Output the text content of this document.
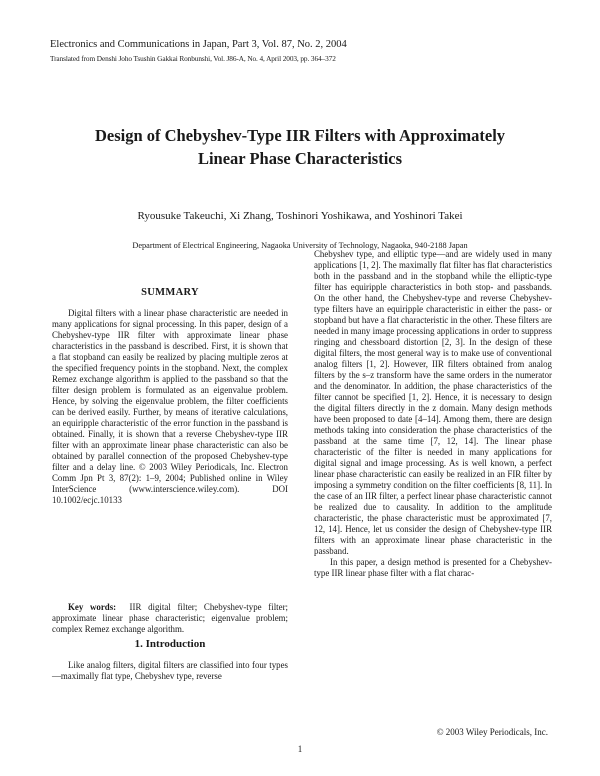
Electronics and Communications in Japan, Part 3, Vol. 87, No. 2, 2004
Translated from Denshi Joho Tsushin Gakkai Ronbunshi, Vol. J86-A, No. 4, April 2003, pp. 364–372
Design of Chebyshev-Type IIR Filters with Approximately
Linear Phase Characteristics
Ryousuke Takeuchi, Xi Zhang, Toshinori Yoshikawa, and Yoshinori Takei
Department of Electrical Engineering, Nagaoka University of Technology, Nagaoka, 940-2188 Japan
SUMMARY

Digital filters with a linear phase characteristic are needed in many applications for signal processing. In this paper, design of a Chebyshev-type IIR filter with approximate linear phase characteristics in the passband is described. First, it is shown that a flat stopband can easily be realized by placing multiple zeros at the specified frequency points in the stopband. Next, the complex Remez exchange algorithm is applied to the passband so that the filter design problem is formulated as an eigenvalue problem. Hence, by solving the eigenvalue problem, the filter coefficients can be derived easily. Further, by means of iterative calculations, an equiripple characteristic of the error function in the passband is obtained. Finally, it is shown that a reverse Chebyshev-type IIR filter with an approximate linear phase characteristic can also be obtained by parallel connection of the proposed Chebyshev-type filter and a delay line. © 2003 Wiley Periodicals, Inc. Electron Comm Jpn Pt 3, 87(2): 1–9, 2004; Published online in Wiley InterScience (www.interscience.wiley.com). DOI 10.1002/ecjc.10133

Key words: IIR digital filter; Chebyshev-type filter; approximate linear phase characteristic; eigenvalue problem; complex Remez exchange algorithm.

1. Introduction

Like analog filters, digital filters are classified into four types—maximally flat type, Chebyshev type, reverse

Chebyshev type, and elliptic type—and are widely used in many applications [1, 2]. The maximally flat filter has flat characteristics both in the passband and in the stopband while the elliptic-type filter has equiripple characteristics in both stop- and passbands. On the other hand, the Chebyshev-type and reverse Chebyshev-type filters have an equiripple characteristic in either the pass- or stopband but have a flat characteristic in the other. These filters are needed in many image processing applications in order to suppress ringing and chessboard distortion [2, 3]. In the design of these digital filters, the most general way is to make use of conventional analog filters [1, 2]. However, IIR filters obtained from analog filters by the s–z transform have the same orders in the numerator and the denominator. In addition, the phase characteristics of the filter cannot be specified [1, 2]. Hence, it is necessary to design the digital filters directly in the z domain. Many design methods have been proposed to date [4–14]. Among them, there are design methods taking into consideration the phase characteristics of the passband at the same time [7, 12, 14]. The linear phase characteristic of the filter is needed in many applications for digital signal and image processing. As is well known, a perfect linear phase characteristic can easily be realized in an FIR filter by imposing a symmetry condition on the filter coefficients [8, 11]. In the case of an IIR filter, a perfect linear phase characteristic cannot be realized due to causality. In addition to the amplitude characteristic, the phase characteristic must be approximated [7, 12, 14]. Hence, let us consider the design of Chebyshev-type IIR filters with an approximate linear phase characteristic in the passband.

In this paper, a design method is presented for a Chebyshev-type IIR linear phase filter with a flat charac-

© 2003 Wiley Periodicals, Inc.
1
